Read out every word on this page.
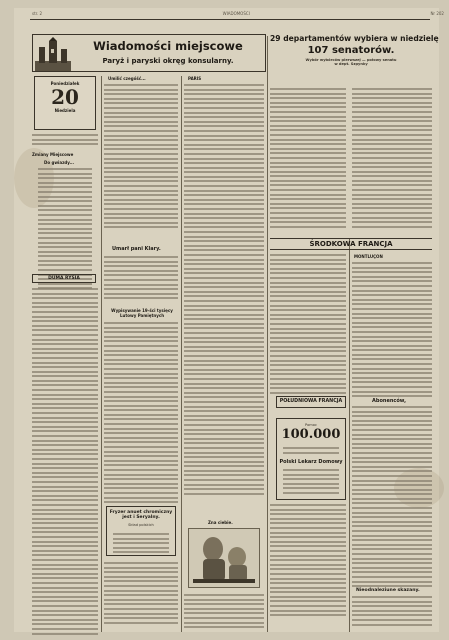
str. 2	WIADOMOŚCI	Nr 202
Wiadomości miejscowe
Paryż i paryski okręg konsularny.
29 departamentów wybiera w niedzielę
107 senatorów.
Wybór wybórców pierwszej — połowy senatu
w dept. Szpynky
Poniedziałek
20
Niedziela
Zmiany Miejscowe
Do gwiazdy...
DUMA RYSIA
Umilić czegóść...
Umarł pani Klary.
Wypisywanie 19-ści tysięcy Lutowy Pamiętnych
Fryzer anuet chromiczny jest i Seryalny.
Skład polskich
PARIS
Zna ciebie.
ŚRODKOWA FRANCJA
POŁUDNIOWA FRANCJA
Pomoc
100.000
Polski Lekarz Domowy
MONTLUÇON
Abonenców,
Nieodnaleziune skazany.
